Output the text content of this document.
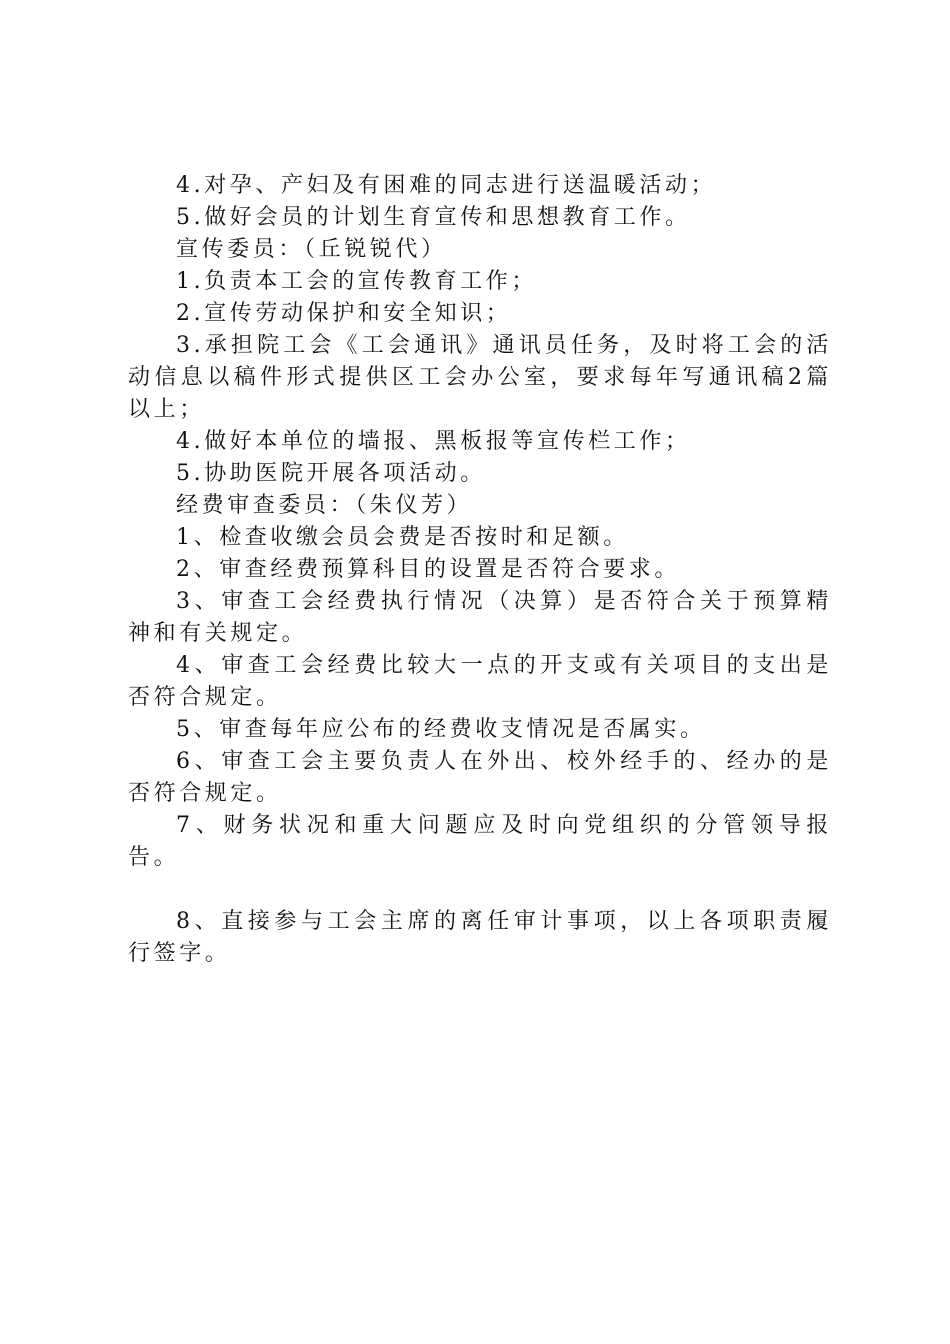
4.对孕、产妇及有困难的同志进行送温暖活动；

5.做好会员的计划生育宣传和思想教育工作。

宣传委员：（丘锐锐代）

1.负责本工会的宣传教育工作；

2.宣传劳动保护和安全知识；

3.承担院工会《工会通讯》通讯员任务，及时将工会的活动信息以稿件形式提供区工会办公室，要求每年写通讯稿2篇以上；

4.做好本单位的墙报、黑板报等宣传栏工作；

5.协助医院开展各项活动。

经费审查委员：（朱仪芳）

1、检查收缴会员会费是否按时和足额。

2、审查经费预算科目的设置是否符合要求。

3、审查工会经费执行情况（决算）是否符合关于预算精神和有关规定。

4、审查工会经费比较大一点的开支或有关项目的支出是否符合规定。

5、审查每年应公布的经费收支情况是否属实。

6、审查工会主要负责人在外出、校外经手的、经办的是否符合规定。

7、财务状况和重大问题应及时向党组织的分管领导报告。

8、直接参与工会主席的离任审计事项，以上各项职责履行签字。
